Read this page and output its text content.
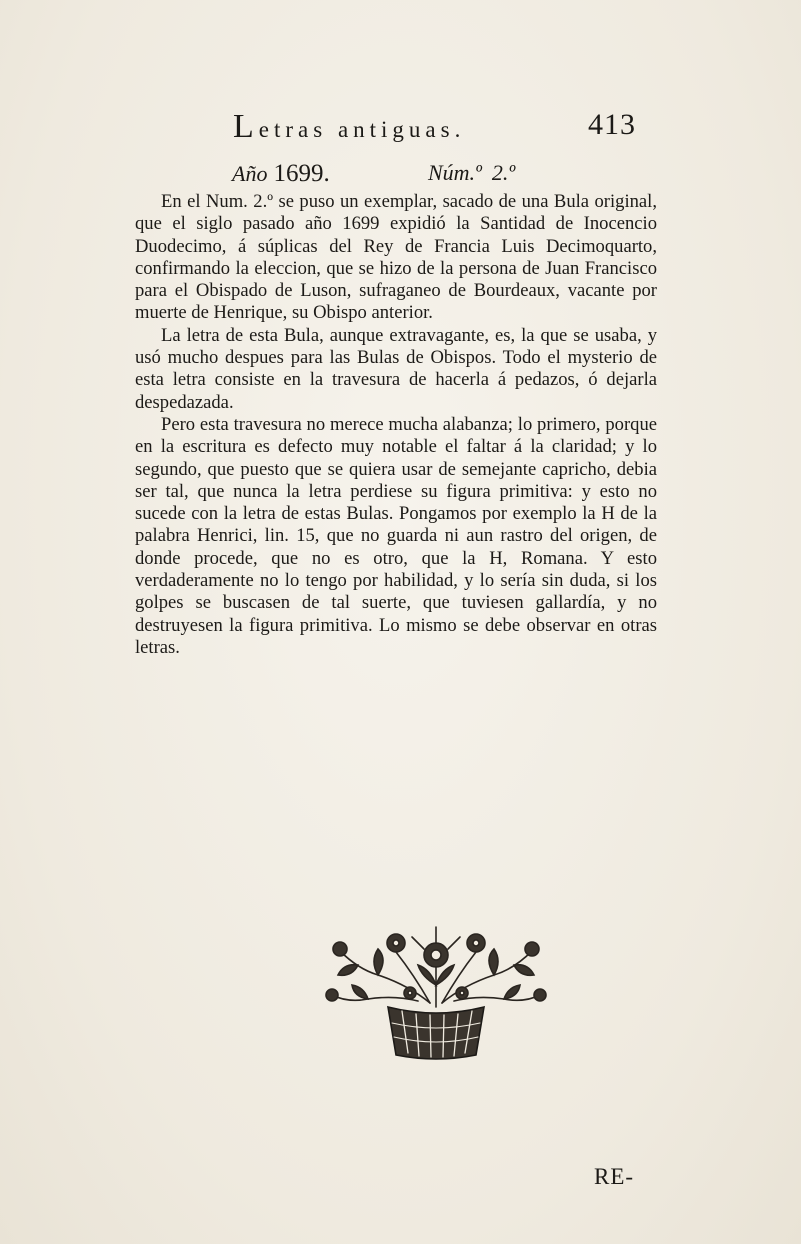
Letras antiguas.	413
Año 1699.	Núm.º 2.º

En el Num. 2.º se puso un exemplar, sacado de una Bula original, que el siglo pasado año 1699 expidió la Santidad de Inocencio Duodecimo, á súplicas del Rey de Francia Luis Decimoquarto, confirmando la eleccion, que se hizo de la persona de Juan Francisco para el Obispado de Luson, sufraganeo de Bourdeaux, vacante por muerte de Henrique, su Obispo anterior.

La letra de esta Bula, aunque extravagante, es, la que se usaba, y usó mucho despues para las Bulas de Obispos. Todo el mysterio de esta letra consiste en la travesura de hacerla á pedazos, ó dejarla despedazada.

Pero esta travesura no merece mucha alabanza; lo primero, porque en la escritura es defecto muy notable el faltar á la claridad; y lo segundo, que puesto que se quiera usar de semejante capricho, debia ser tal, que nunca la letra perdiese su figura primitiva: y esto no sucede con la letra de estas Bulas. Pongamos por exemplo la H de la palabra Henrici, lin. 15, que no guarda ni aun rastro del origen, de donde procede, que no es otro, que la H, Romana. Y esto verdaderamente no lo tengo por habilidad, y lo sería sin duda, si los golpes se buscasen de tal suerte, que tuviesen gallardía, y no destruyesen la figura primitiva. Lo mismo se debe observar en otras letras.

RE-
